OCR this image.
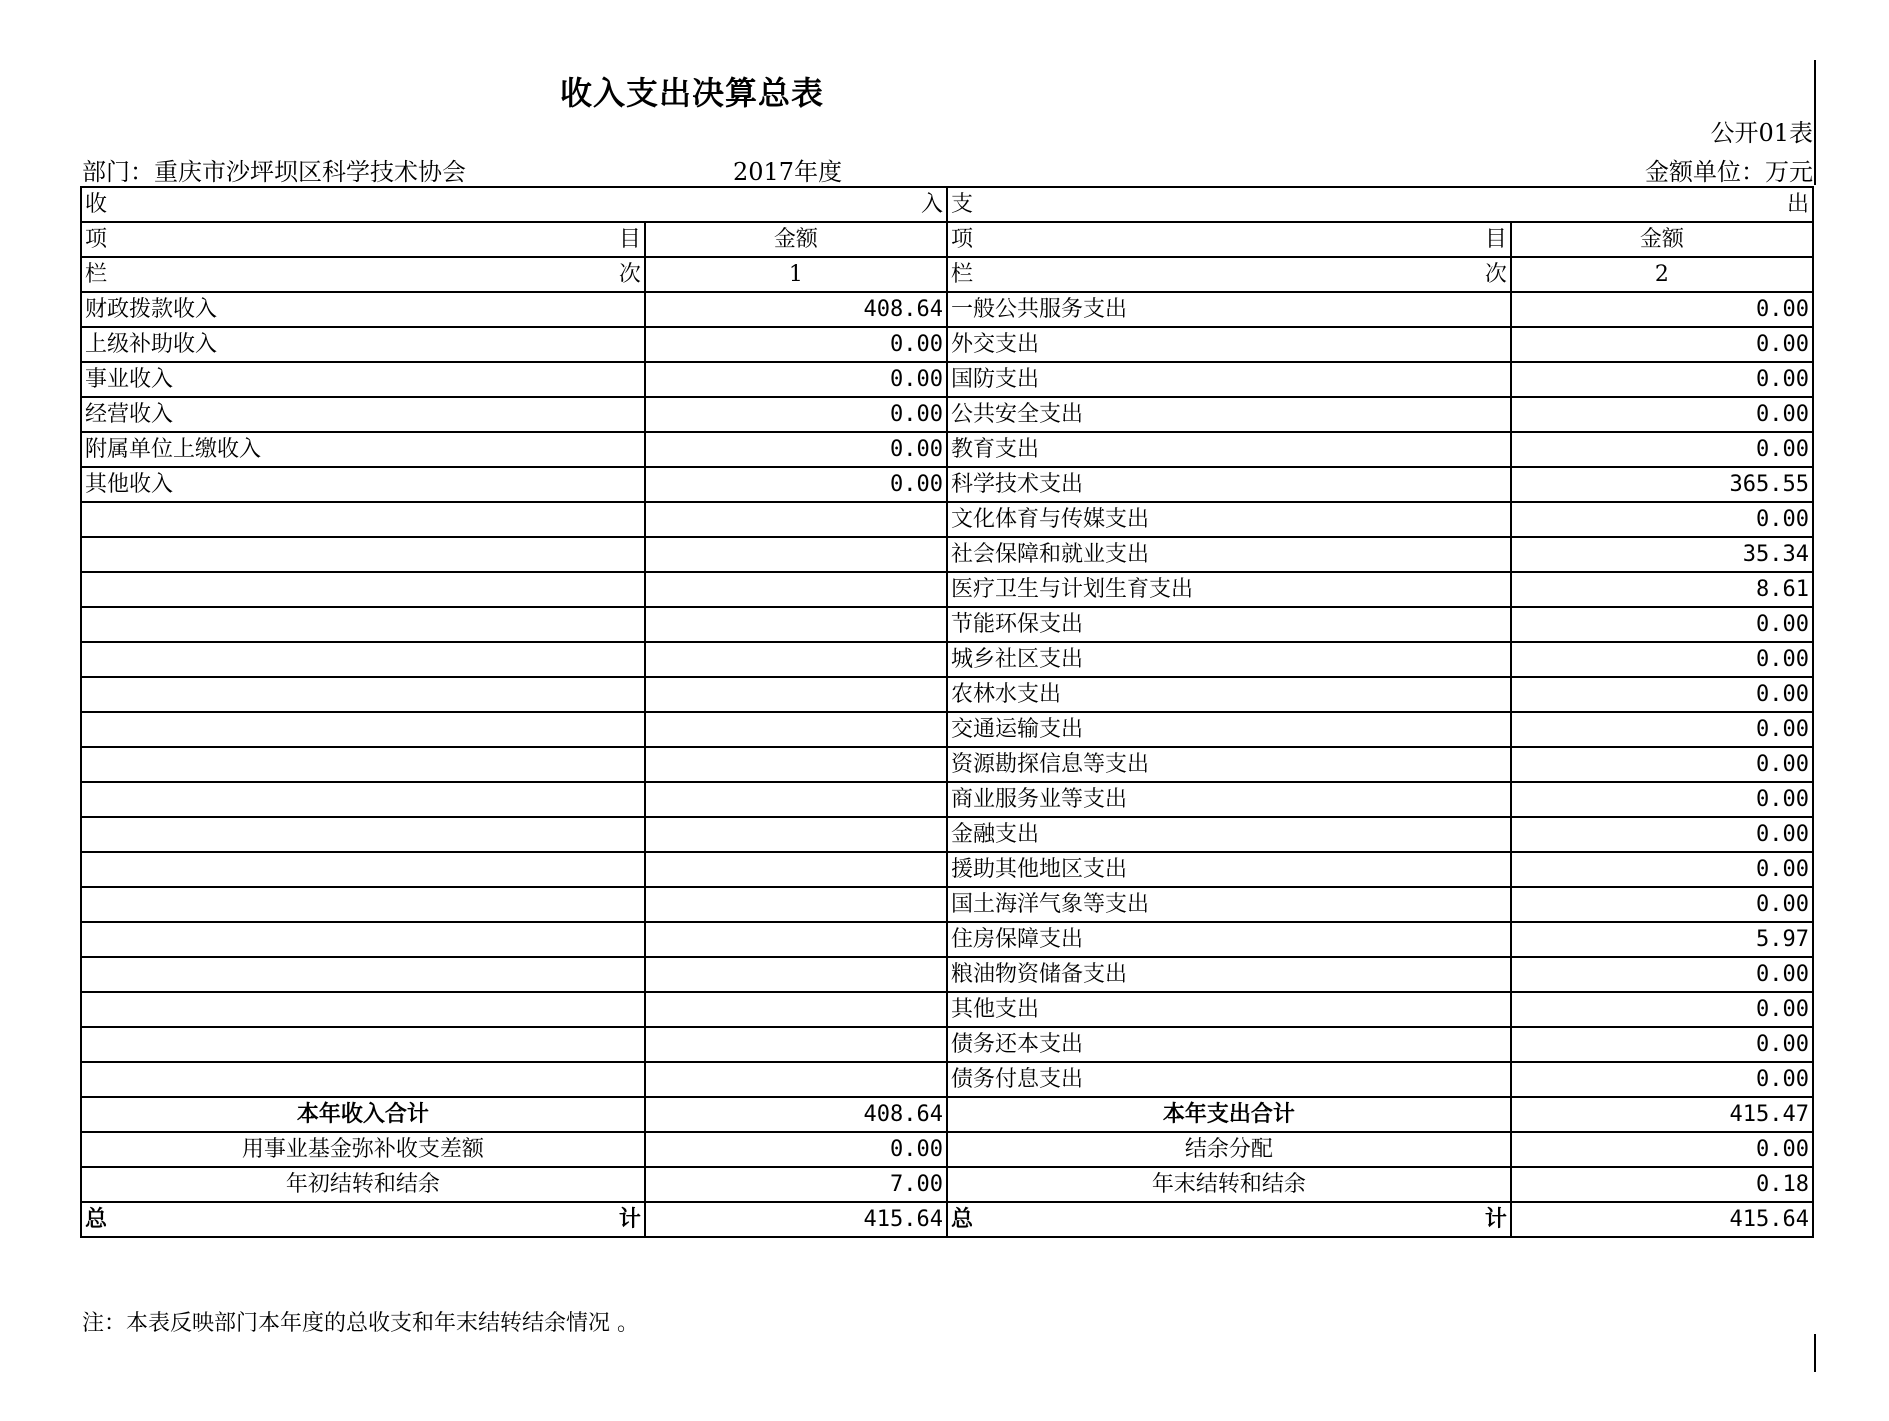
收入支出决算总表
公开01表
部门：重庆市沙坪坝区科学技术协会	2017年度	金额单位：万元
收 入		支 出	

项 目	金额	项 目	金额

栏 次	1	栏 次	2
财政拨款收入	408.64	一般公共服务支出	0.00
上级补助收入	0.00	外交支出	0.00
事业收入	0.00	国防支出	0.00
经营收入	0.00	公共安全支出	0.00
附属单位上缴收入	0.00	教育支出	0.00
其他收入	0.00	科学技术支出	365.55
		文化体育与传媒支出	0.00
		社会保障和就业支出	35.34
		医疗卫生与计划生育支出	8.61
		节能环保支出	0.00
		城乡社区支出	0.00
		农林水支出	0.00
		交通运输支出	0.00
		资源勘探信息等支出	0.00
		商业服务业等支出	0.00
		金融支出	0.00
		援助其他地区支出	0.00
		国土海洋气象等支出	0.00
		住房保障支出	5.97
		粮油物资储备支出	0.00
		其他支出	0.00
		债务还本支出	0.00
		债务付息支出	0.00
本年收入合计	408.64	本年支出合计	415.47
用事业基金弥补收支差额	0.00	结余分配	0.00
年初结转和结余	7.00	年末结转和结余	0.18

总 计	415.64	总 计	415.64
注：本表反映部门本年度的总收支和年末结转结余情况 。
